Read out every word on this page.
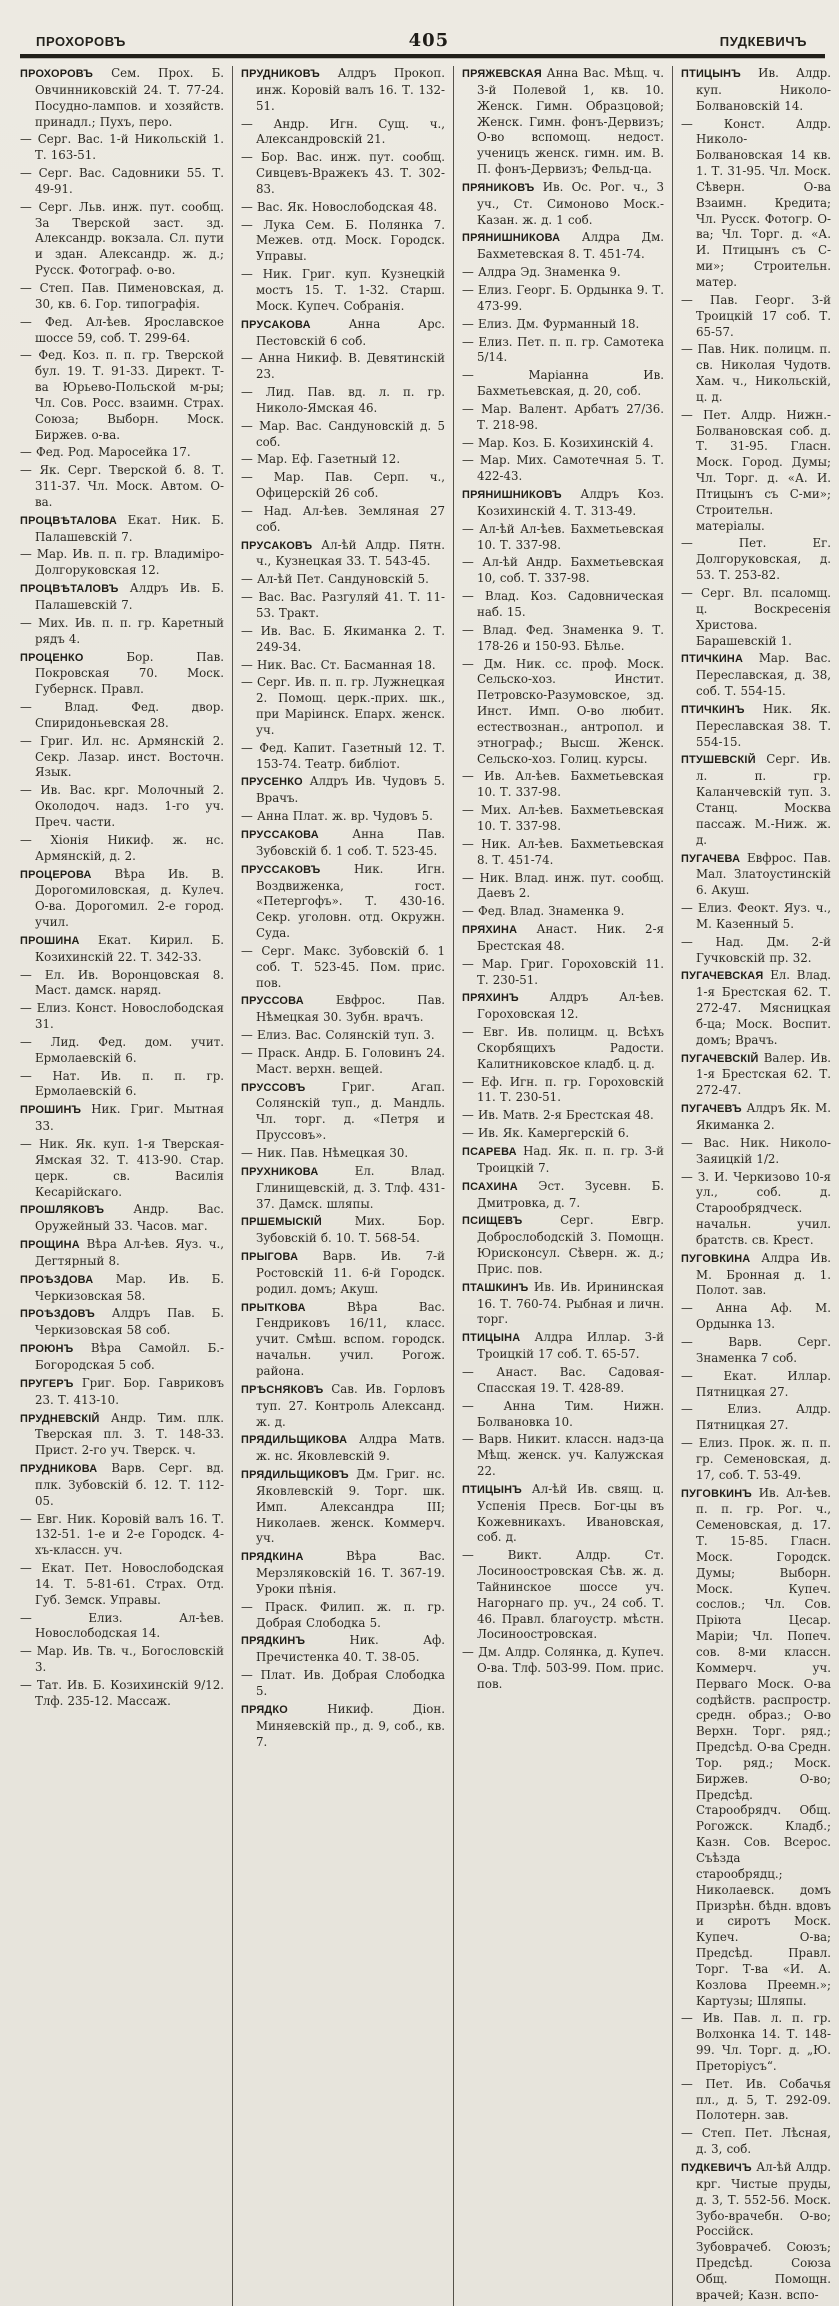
ПРОХОРОВЪ	405	ПУДКЕВИЧЪ

ПРОХОРОВЪ Сем. Прох. Б. Овчинниковскій 24. Т. 77-24. Посудно-лампов. и хозяйств. принадл.; Пухъ, перо.

— Серг. Вас. 1-й Никольскій 1. Т. 163-51.

— Серг. Вас. Садовники 55. Т. 49-91.

— Серг. Льв. инж. пут. сообщ. За Тверской заст. зд. Александр. вокзала. Сл. пути и здан. Александр. ж. д.; Русск. Фотограф. о-во.

— Степ. Пав. Пименовская, д. 30, кв. 6. Гор. типографія.

— Фед. Ал-ѣев. Ярославское шоссе 59, соб. Т. 299-64.

— Фед. Коз. п. п. гр. Тверской бул. 19. Т. 91-33. Директ. Т-ва Юрьево-Польской м-ры; Чл. Сов. Росс. взаимн. Страх. Союза; Выборн. Моск. Биржев. о-ва.

— Фед. Род. Маросейка 17.

— Як. Серг. Тверской б. 8. Т. 311-37. Чл. Моск. Автом. О-ва.

ПРОЦВѢТАЛОВА Екат. Ник. Б. Палашевскій 7.

— Мар. Ив. п. п. гр. Владиміро-Долгоруковская 12.

ПРОЦВѢТАЛОВЪ Алдръ Ив. Б. Палашевскій 7.

— Мих. Ив. п. п. гр. Каретный рядъ 4.

ПРОЦЕНКО Бор. Пав. Покровская 70. Моск. Губернск. Правл.

— Влад. Фед. двор. Спиридоньевская 28.

— Григ. Ил. нс. Армянскій 2. Секр. Лазар. инст. Восточн. Язык.

— Ив. Вас. крг. Молочный 2. Околодоч. надз. 1-го уч. Преч. части.

— Хіонія Никиф. ж. нс. Армянскій, д. 2.

ПРОЦЕРОВА Вѣра Ив. В. Дорогомиловская, д. Кулеч. О-ва. Дорогомил. 2-е город. учил.

ПРОШИНА Екат. Кирил. Б. Козихинскій 22. Т. 342-33.

— Ел. Ив. Воронцовская 8. Маст. дамск. наряд.

— Елиз. Конст. Новослободская 31.

— Лид. Фед. дом. учит. Ермолаевскій 6.

— Нат. Ив. п. п. гр. Ермолаевскій 6.

ПРОШИНЪ Ник. Григ. Мытная 33.

— Ник. Як. куп. 1-я Тверская-Ямская 32. Т. 413-90. Стар. церк. св. Василія Кесарійскаго.

ПРОШЛЯКОВЪ Андр. Вас. Оружейный 33. Часов. маг.

ПРОЩИНА Вѣра Ал-ѣев. Яуз. ч., Дегтярный 8.

ПРОѢЗДОВА Мар. Ив. Б. Черкизовская 58.

ПРОѢЗДОВЪ Алдръ Пав. Б. Черкизовская 58 соб.

ПРОЮНЪ Вѣра Самойл. Б.-Богородская 5 соб.

ПРУГЕРЪ Григ. Бор. Гавриковъ 23. Т. 413-10.

ПРУДНЕВСКІЙ Андр. Тим. плк. Тверская пл. 3. Т. 148-33. Прист. 2-го уч. Тверск. ч.

ПРУДНИКОВА Варв. Серг. вд. плк. Зубовскій б. 12. Т. 112-05.

— Евг. Ник. Коровій валъ 16. Т. 132-51. 1-е и 2-е Городск. 4-хъ-классн. уч.

— Екат. Пет. Новослободская 14. Т. 5-81-61. Страх. Отд. Губ. Земск. Управы.

— Елиз. Ал-ѣев. Новослободская 14.

— Мар. Ив. Тв. ч., Богословскій 3.

— Тат. Ив. Б. Козихинскій 9/12. Тлф. 235-12. Массаж.

ПРУДНИКОВЪ Алдръ Прокоп. инж. Коровій валъ 16. Т. 132-51.

— Андр. Игн. Сущ. ч., Александровскій 21.

— Бор. Вас. инж. пут. сообщ. Сивцевъ-Вражекъ 43. Т. 302-83.

— Вас. Як. Новослободская 48.

— Лука Сем. Б. Полянка 7. Межев. отд. Моск. Городск. Управы.

— Ник. Григ. куп. Кузнецкій мостъ 15. Т. 1-32. Старш. Моск. Купеч. Собранія.

ПРУСАКОВА Анна Арс. Пестовскій 6 соб.

— Анна Никиф. В. Девятинскій 23.

— Лид. Пав. вд. л. п. гр. Николо-Ямская 46.

— Мар. Вас. Сандуновскій д. 5 соб.

— Мар. Еф. Газетный 12.

— Мар. Пав. Серп. ч., Офицерскій 26 соб.

— Над. Ал-ѣев. Земляная 27 соб.

ПРУСАКОВЪ Ал-ѣй Алдр. Пятн. ч., Кузнецкая 33. Т. 543-45.

— Ал-ѣй Пет. Сандуновскій 5.

— Вас. Вас. Разгуляй 41. Т. 11-53. Тракт.

— Ив. Вас. Б. Якиманка 2. Т. 249-34.

— Ник. Вас. Ст. Басманная 18.

— Серг. Ив. п. п. гр. Лужнецкая 2. Помощ. церк.-прих. шк., при Маріинск. Епарх. женск. уч.

— Фед. Капит. Газетный 12. Т. 153-74. Театр. библіот.

ПРУСЕНКО Алдръ Ив. Чудовъ 5. Врачъ.

— Анна Плат. ж. вр. Чудовъ 5.

ПРУССАКОВА Анна Пав. Зубовскій б. 1 соб. Т. 523-45.

ПРУССАКОВЪ Ник. Игн. Воздвиженка, гост. «Петергофъ». Т. 430-16. Секр. уголовн. отд. Окружн. Суда.

— Серг. Макс. Зубовскій б. 1 соб. Т. 523-45. Пом. прис. пов.

ПРУССОВА Евфрос. Пав. Нѣмецкая 30. Зубн. врачъ.

— Елиз. Вас. Солянскій туп. 3.

— Праск. Андр. Б. Головинъ 24. Маст. верхн. вещей.

ПРУССОВЪ Григ. Агап. Солянскій туп., д. Мандль. Чл. торг. д. «Петря и Пруссовъ».

— Ник. Пав. Нѣмецкая 30.

ПРУХНИКОВА Ел. Влад. Глинищевскій, д. 3. Тлф. 431-37. Дамск. шляпы.

ПРШЕМЫСКІЙ Мих. Бор. Зубовскій б. 10. Т. 568-54.

ПРЫГОВА Варв. Ив. 7-й Ростовскій 11. 6-й Городск. родил. домъ; Акуш.

ПРЫТКОВА Вѣра Вас. Гендриковъ 16/11, класс. учит. Смѣш. вспом. городск. начальн. учил. Рогож. района.

ПРѢСНЯКОВЪ Сав. Ив. Горловъ туп. 27. Контроль Александ. ж. д.

ПРЯДИЛЬЩИКОВА Алдра Матв. ж. нс. Яковлевскій 9.

ПРЯДИЛЬЩИКОВЪ Дм. Григ. нс. Яковлевскій 9. Торг. шк. Имп. Александра III; Николаев. женск. Коммерч. уч.

ПРЯДКИНА Вѣра Вас. Мерзляковскій 16. Т. 367-19. Уроки пѣнія.

— Праск. Филип. ж. п. гр. Добрая Слободка 5.

ПРЯДКИНЪ Ник. Аф. Пречистенка 40. Т. 38-05.

— Плат. Ив. Добрая Слободка 5.

ПРЯДКО Никиф. Діон. Миняевскій пр., д. 9, соб., кв. 7.

ПРЯЖЕВСКАЯ Анна Вас. Мѣщ. ч. 3-й Полевой 1, кв. 10. Женск. Гимн. Образцовой; Женск. Гимн. фонъ-Дервизъ; О-во вспомощ. недост. ученицъ женск. гимн. им. В. П. фонъ-Дервизъ; Фельд-ца.

ПРЯНИКОВЪ Ив. Ос. Рог. ч., 3 уч., Ст. Симоново Моск.-Казан. ж. д. 1 соб.

ПРЯНИШНИКОВА Алдра Дм. Бахметевская 8. Т. 451-74.

— Алдра Эд. Знаменка 9.

— Елиз. Георг. Б. Ордынка 9. Т. 473-99.

— Елиз. Дм. Фурманный 18.

— Елиз. Пет. п. п. гр. Самотека 5/14.

— Маріанна Ив. Бахметьевская, д. 20, соб.

— Мар. Валент. Арбатъ 27/36. Т. 218-98.

— Мар. Коз. Б. Козихинскій 4.

— Мар. Мих. Самотечная 5. Т. 422-43.

ПРЯНИШНИКОВЪ Алдръ Коз. Козихинскій 4. Т. 313-49.

— Ал-ѣй Ал-ѣев. Бахметьевская 10. Т. 337-98.

— Ал-ѣй Андр. Бахметьевская 10, соб. Т. 337-98.

— Влад. Коз. Садовническая наб. 15.

— Влад. Фед. Знаменка 9. Т. 178-26 и 150-93. Бѣлье.

— Дм. Ник. сс. проф. Моск. Сельско-хоз. Инстит. Петровско-Разумовское, зд. Инст. Имп. О-во любит. естествознан., антропол. и этнограф.; Высш. Женск. Сельско-хоз. Голиц. курсы.

— Ив. Ал-ѣев. Бахметьевская 10. Т. 337-98.

— Мих. Ал-ѣев. Бахметьевская 10. Т. 337-98.

— Ник. Ал-ѣев. Бахметьевская 8. Т. 451-74.

— Ник. Влад. инж. пут. сообщ. Даевъ 2.

— Фед. Влад. Знаменка 9.

ПРЯХИНА Анаст. Ник. 2-я Брестская 48.

— Мар. Григ. Гороховскій 11. Т. 230-51.

ПРЯХИНЪ Алдръ Ал-ѣев. Гороховская 12.

— Евг. Ив. полицм. ц. Всѣхъ Скорбящихъ Радости. Калитниковское кладб. ц. д.

— Еф. Игн. п. гр. Гороховскій 11. Т. 230-51.

— Ив. Матв. 2-я Брестская 48.

— Ив. Як. Камергерскій 6.

ПСАРЕВА Над. Як. п. п. гр. 3-й Троицкій 7.

ПСАХИНА Эст. Зусевн. Б. Дмитровка, д. 7.

ПСИЩЕВЪ Серг. Евгр. Доброслободскій 3. Помощн. Юрисконсул. Сѣверн. ж. д.; Прис. пов.

ПТАШКИНЪ Ив. Ив. Ирининская 16. Т. 760-74. Рыбная и личн. торг.

ПТИЦЫНА Алдра Иллар. 3-й Троицкій 17 соб. Т. 65-57.

— Анаст. Вас. Садовая-Спасская 19. Т. 428-89.

— Анна Тим. Нижн. Болвановка 10.

— Варв. Никит. классн. надз-ца Мѣщ. женск. уч. Калужская 22.

ПТИЦЫНЪ Ал-ѣй Ив. свящ. ц. Успенія Пресв. Бог-цы въ Кожевникахъ. Ивановская, соб. д.

— Викт. Алдр. Ст. Лосиноостровская Сѣв. ж. д. Тайнинское шоссе уч. Нагорнаго пр. уч., 24 соб. Т. 46. Правл. благоустр. мѣстн. Лосиноостровская.

— Дм. Алдр. Солянка, д. Купеч. О-ва. Тлф. 503-99. Пом. прис. пов.

ПТИЦЫНЪ Ив. Алдр. куп. Николо-Болвановскій 14.

— Конст. Алдр. Николо-Болвановская 14 кв. 1. Т. 31-95. Чл. Моск. Сѣверн. О-ва Взаимн. Кредита; Чл. Русск. Фотогр. О-ва; Чл. Торг. д. «А. И. Птицынъ съ С-ми»; Строительн. матер.

— Пав. Георг. 3-й Троицкій 17 соб. Т. 65-57.

— Пав. Ник. полицм. п. св. Николая Чудотв. Хам. ч., Никольскій, ц. д.

— Пет. Алдр. Нижн.-Болвановская соб. д. Т. 31-95. Гласн. Моск. Город. Думы; Чл. Торг. д. «А. И. Птицынъ съ С-ми»; Строительн. матеріалы.

— Пет. Ег. Долгоруковская, д. 53. Т. 253-82.

— Серг. Вл. псаломщ. ц. Воскресенія Христова. Барашевскій 1.

ПТИЧКИНА Мар. Вас. Переславская, д. 38, соб. Т. 554-15.

ПТИЧКИНЪ Ник. Як. Переславская 38. Т. 554-15.

ПТУШЕВСКІЙ Серг. Ив. л. п. гр. Каланчевскій туп. 3. Станц. Москва пассаж. М.-Ниж. ж. д.

ПУГАЧЕВА Евфрос. Пав. Мал. Златоустинскій 6. Акуш.

— Елиз. Феокт. Яуз. ч., М. Казенный 5.

— Над. Дм. 2-й Гучковскій пр. 32.

ПУГАЧЕВСКАЯ Ел. Влад. 1-я Брестская 62. Т. 272-47. Мясницкая б-ца; Моск. Воспит. домъ; Врачъ.

ПУГАЧЕВСКІЙ Валер. Ив. 1-я Брестская 62. Т. 272-47.

ПУГАЧЕВЪ Алдръ Як. М. Якиманка 2.

— Вас. Ник. Николо-Заяицкій 1/2.

— З. И. Черкизово 10-я ул., соб. д. Старообрядческ. начальн. учил. братств. св. Крест.

ПУГОВКИНА Алдра Ив. М. Бронная д. 1. Полот. зав.

— Анна Аф. М. Ордынка 13.

— Варв. Серг. Знаменка 7 соб.

— Екат. Иллар. Пятницкая 27.

— Елиз. Алдр. Пятницкая 27.

— Елиз. Прок. ж. п. п. гр. Семеновская, д. 17, соб. Т. 53-49.

ПУГОВКИНЪ Ив. Ал-ѣев. п. п. гр. Рог. ч., Семеновская, д. 17. Т. 15-85. Гласн. Моск. Городск. Думы; Выборн. Моск. Купеч. сослов.; Чл. Сов. Пріюта Цесар. Маріи; Чл. Попеч. сов. 8-ми классн. Коммерч. уч. Перваго Моск. О-ва содѣйств. распростр. средн. образ.; О-во Верхн. Торг. ряд.; Предсѣд. О-ва Средн. Тор. ряд.; Моск. Биржев. О-во; Предсѣд. Старообрядч. Общ. Рогожск. Кладб.; Казн. Сов. Всерос. Съѣзда старообрядц.; Николаевск. домъ Призрѣн. бѣдн. вдовъ и сиротъ Моск. Купеч. О-ва; Предсѣд. Правл. Торг. Т-ва «И. А. Козлова Преемн.»; Картузы; Шляпы.

— Ив. Пав. л. п. гр. Волхонка 14. Т. 148-99. Чл. Торг. д. „Ю. Преторіусъ“.

— Пет. Ив. Собачья пл., д. 5, Т. 292-09. Полотерн. зав.

— Степ. Пет. Лѣсная, д. 3, соб.

ПУДКЕВИЧЪ Ал-ѣй Алдр. крг. Чистые пруды, д. 3, Т. 552-56. Моск. Зубо-врачебн. О-во; Россійск. Зубоврачеб. Союзъ; Предсѣд. Союза Общ. Помощн. врачей; Казн. вспо-
